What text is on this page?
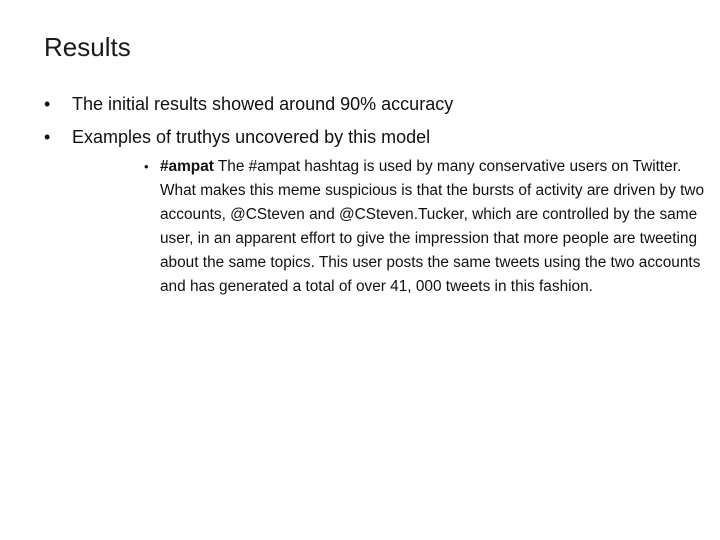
Results
• The initial results showed around 90% accuracy
• Examples of truthys uncovered by this model
• #ampat The #ampat hashtag is used by many conservative users on Twitter. What makes this meme suspicious is that the bursts of activity are driven by two accounts, @CSteven and @CSteven.Tucker, which are controlled by the same user, in an apparent effort to give the impression that more people are tweeting about the same topics. This user posts the same tweets using the two accounts and has generated a total of over 41, 000 tweets in this fashion.
